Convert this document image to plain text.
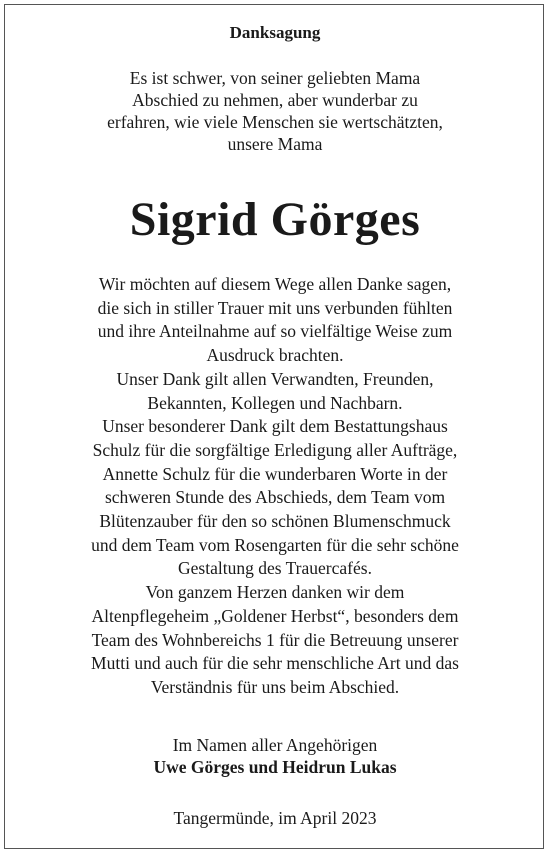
Danksagung
Es ist schwer, von seiner geliebten Mama
Abschied zu nehmen, aber wunderbar zu
erfahren, wie viele Menschen sie wertschätzten,
unsere Mama
Sigrid Görges
Wir möchten auf diesem Wege allen Danke sagen,
die sich in stiller Trauer mit uns verbunden fühlten
und ihre Anteilnahme auf so vielfältige Weise zum
Ausdruck brachten.
Unser Dank gilt allen Verwandten, Freunden,
Bekannten, Kollegen und Nachbarn.
Unser besonderer Dank gilt dem Bestattungshaus
Schulz für die sorgfältige Erledigung aller Aufträge,
Annette Schulz für die wunderbaren Worte in der
schweren Stunde des Abschieds, dem Team vom
Blütenzauber für den so schönen Blumenschmuck
und dem Team vom Rosengarten für die sehr schöne
Gestaltung des Trauercafés.
Von ganzem Herzen danken wir dem
Altenpflegeheim „Goldener Herbst“, besonders dem
Team des Wohnbereichs 1 für die Betreuung unserer
Mutti und auch für die sehr menschliche Art und das
Verständnis für uns beim Abschied.
Im Namen aller Angehörigen
Uwe Görges und Heidrun Lukas
Tangermünde, im April 2023
